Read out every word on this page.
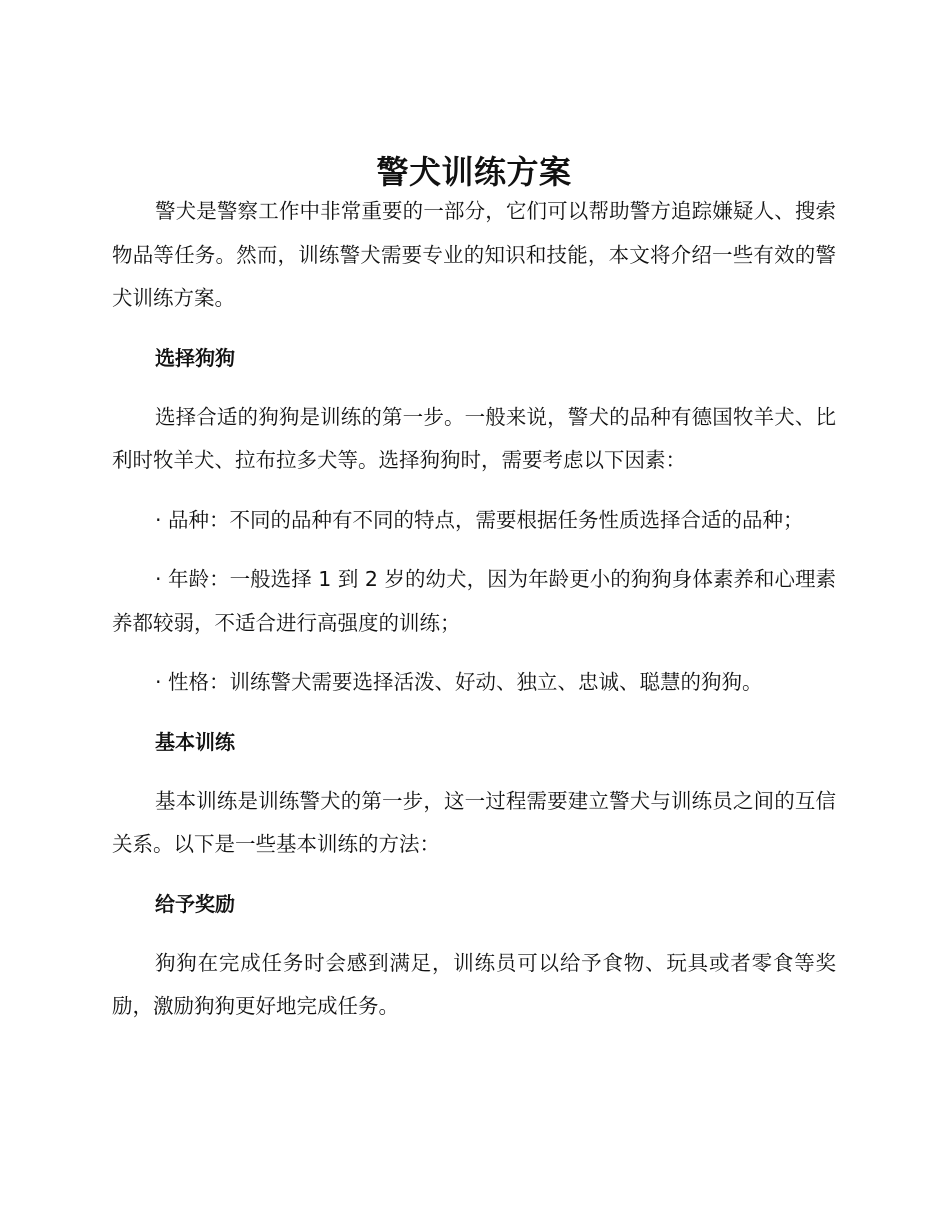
警犬训练方案

警犬是警察工作中非常重要的一部分，它们可以帮助警方追踪嫌疑人、搜索物品等任务。然而，训练警犬需要专业的知识和技能，本文将介绍一些有效的警犬训练方案。

选择狗狗

选择合适的狗狗是训练的第一步。一般来说，警犬的品种有德国牧羊犬、比利时牧羊犬、拉布拉多犬等。选择狗狗时，需要考虑以下因素：

· 品种：不同的品种有不同的特点，需要根据任务性质选择合适的品种；

· 年龄：一般选择 1 到 2 岁的幼犬，因为年龄更小的狗狗身体素养和心理素养都较弱，不适合进行高强度的训练；

· 性格：训练警犬需要选择活泼、好动、独立、忠诚、聪慧的狗狗。

基本训练

基本训练是训练警犬的第一步，这一过程需要建立警犬与训练员之间的互信关系。以下是一些基本训练的方法：

给予奖励

狗狗在完成任务时会感到满足，训练员可以给予食物、玩具或者零食等奖励，激励狗狗更好地完成任务。
